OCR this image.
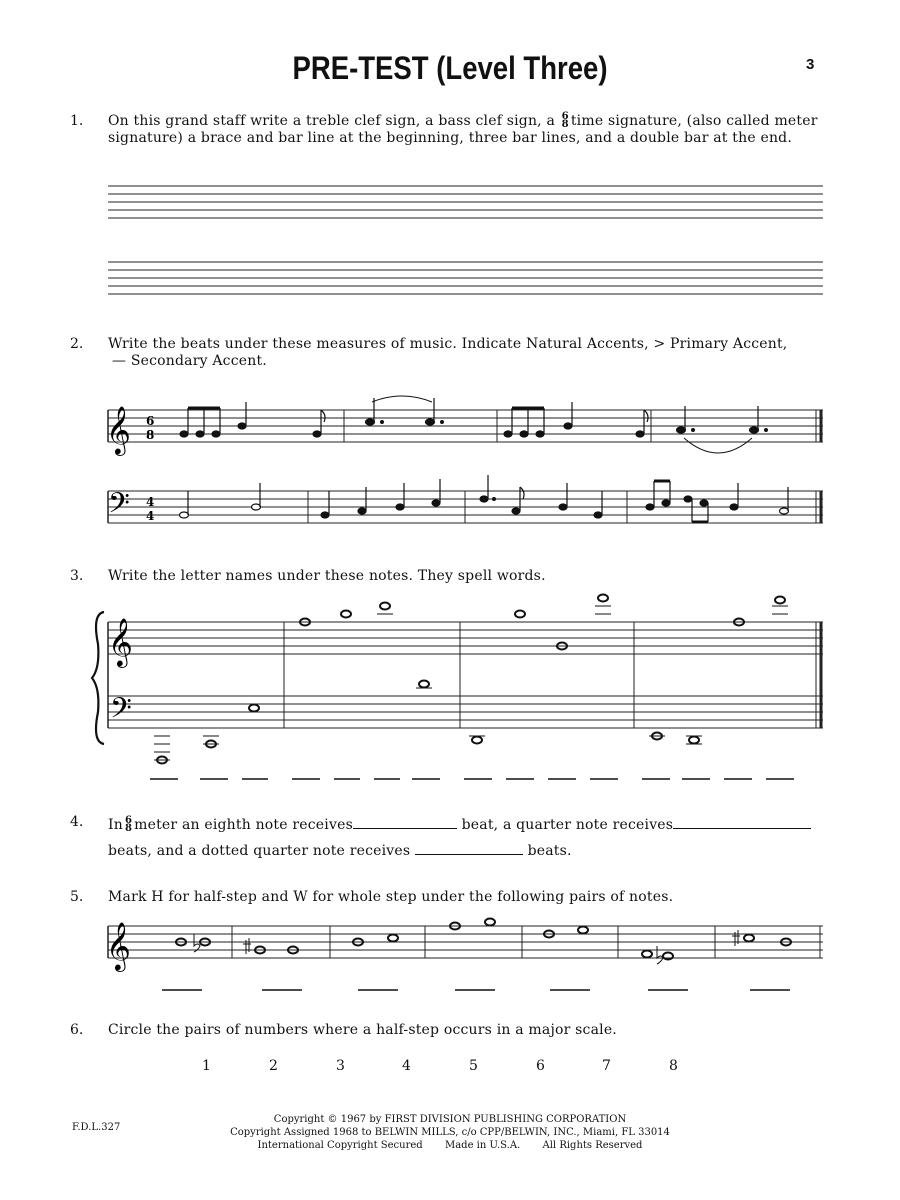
PRE-TEST (Level Three)	3
1. On this grand staff write a treble clef sign, a bass clef sign, a 6
8 time signature, (also called meter signature) a brace and bar line at the beginning, three bar lines, and a double bar at the end.
2. Write the beats under these measures of music. Indicate Natural Accents, > Primary Accent,
— Secondary Accent.
3. Write the letter names under these notes. They spell words.
4. In 6
8 meter an eighth note receives	beat, a quarter note receives
beats, and a dotted quarter note receives	beats.
5. Mark H for half-step and W for whole step under the following pairs of notes.
6. Circle the pairs of numbers where a half-step occurs in a major scale.
1	2	3	4	5	6	7	8
F.D.L.327
Copyright © 1967 by FIRST DIVISION PUBLISHING CORPORATION
Copyright Assigned 1968 to BELWIN MILLS, c/o CPP/BELWIN, INC., Miami, FL 33014
International Copyright Secured Made in U.S.A. All Rights Reserved
𝄞 6
8
𝄢 4
4
𝄞
𝄢
𝄞
